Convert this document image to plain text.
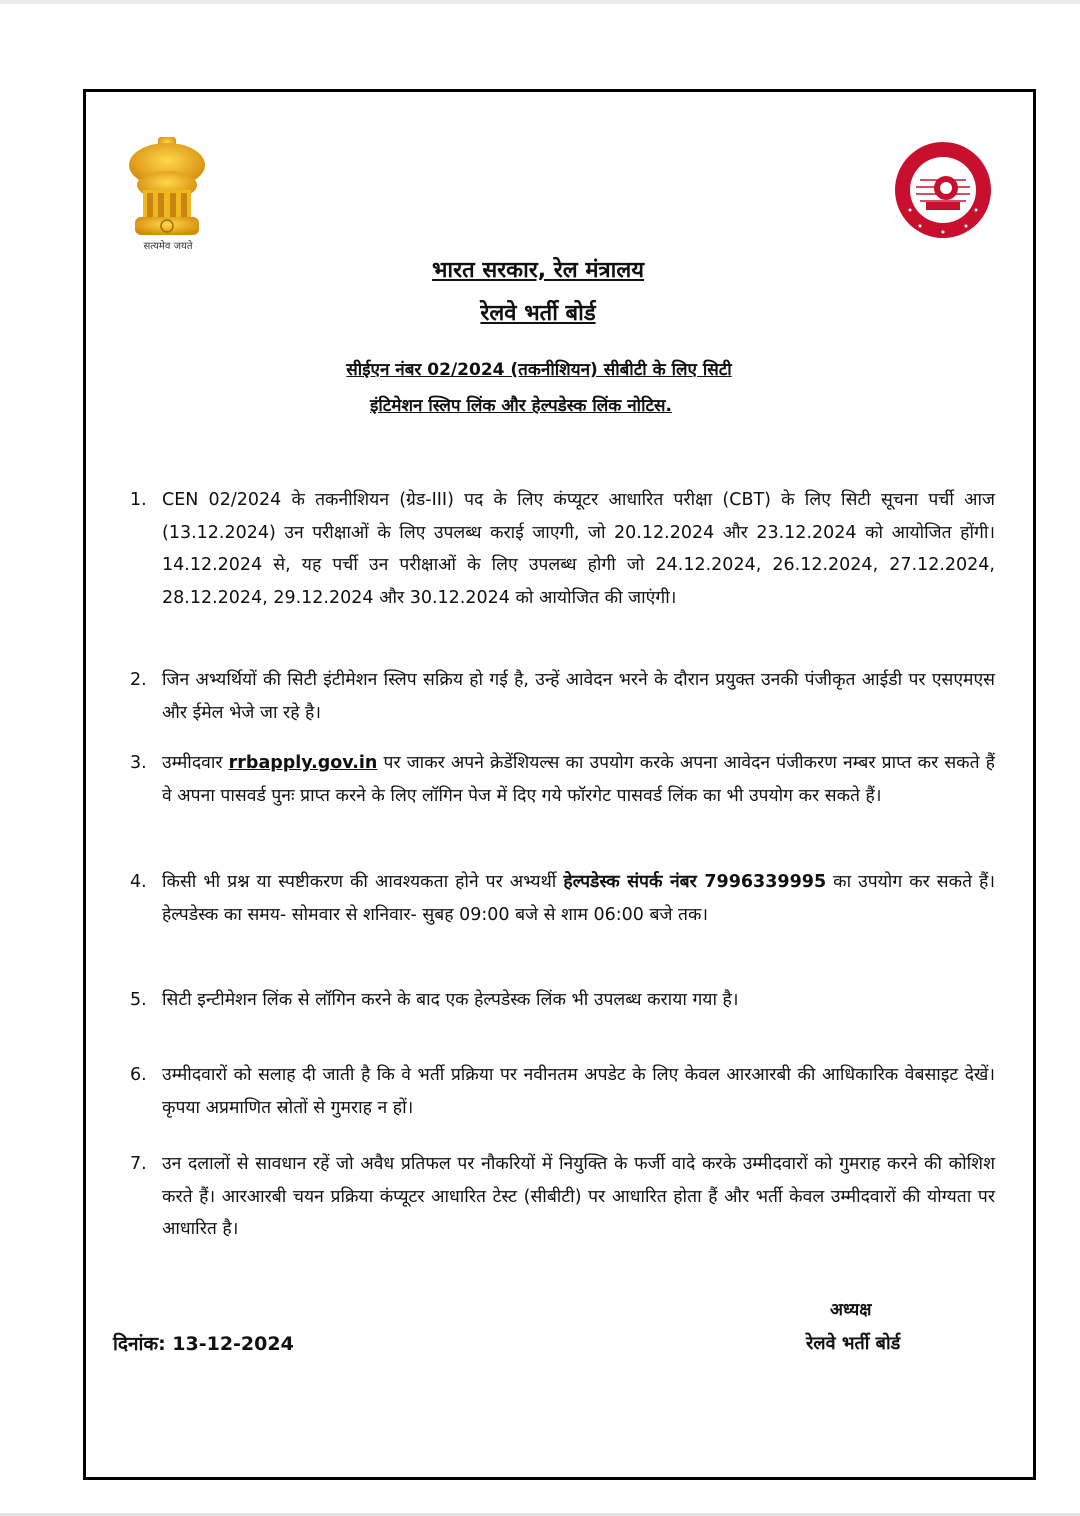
सत्यमेव जयते
भारत सरकार, रेल मंत्रालय
रेलवे भर्ती बोर्ड
सीईएन नंबर 02/2024 (तकनीशियन) सीबीटी के लिए सिटी
इंटिमेशन स्लिप लिंक और हेल्पडेस्क लिंक नोटिस.
1. CEN 02/2024 के तकनीशियन (ग्रेड-III) पद के लिए कंप्यूटर आधारित परीक्षा (CBT) के लिए सिटी सूचना पर्ची आज (13.12.2024) उन परीक्षाओं के लिए उपलब्ध कराई जाएगी, जो 20.12.2024 और 23.12.2024 को आयोजित होंगी। 14.12.2024 से, यह पर्ची उन परीक्षाओं के लिए उपलब्ध होगी जो 24.12.2024, 26.12.2024, 27.12.2024, 28.12.2024, 29.12.2024 और 30.12.2024 को आयोजित की जाएंगी।
2. जिन अभ्यर्थियों की सिटी इंटीमेशन स्लिप सक्रिय हो गई है, उन्हें आवेदन भरने के दौरान प्रयुक्त उनकी पंजीकृत आईडी पर एसएमएस और ईमेल भेजे जा रहे है।
3. उम्मीदवार rrbapply.gov.in पर जाकर अपने क्रेडेंशियल्स का उपयोग करके अपना आवेदन पंजीकरण नम्बर प्राप्त कर सकते हैं वे अपना पासवर्ड पुनः प्राप्त करने के लिए लॉगिन पेज में दिए गये फॉरगेट पासवर्ड लिंक का भी उपयोग कर सकते हैं।
4. किसी भी प्रश्न या स्पष्टीकरण की आवश्यकता होने पर अभ्यर्थी हेल्पडेस्क संपर्क नंबर 7996339995 का उपयोग कर सकते हैं। हेल्पडेस्क का समय- सोमवार से शनिवार- सुबह 09:00 बजे से शाम 06:00 बजे तक।
5. सिटी इन्टीमेशन लिंक से लॉगिन करने के बाद एक हेल्पडेस्क लिंक भी उपलब्ध कराया गया है।
6. उम्मीदवारों को सलाह दी जाती है कि वे भर्ती प्रक्रिया पर नवीनतम अपडेट के लिए केवल आरआरबी की आधिकारिक वेबसाइट देखें। कृपया अप्रमाणित स्रोतों से गुमराह न हों।
7. उन दलालों से सावधान रहें जो अवैध प्रतिफल पर नौकरियों में नियुक्ति के फर्जी वादे करके उम्मीदवारों को गुमराह करने की कोशिश करते हैं। आरआरबी चयन प्रक्रिया कंप्यूटर आधारित टेस्ट (सीबीटी) पर आधारित होता हैं और भर्ती केवल उम्मीदवारों की योग्यता पर आधारित है।
दिनांक: 13-12-2024
अध्यक्ष
रेलवे भर्ती बोर्ड
